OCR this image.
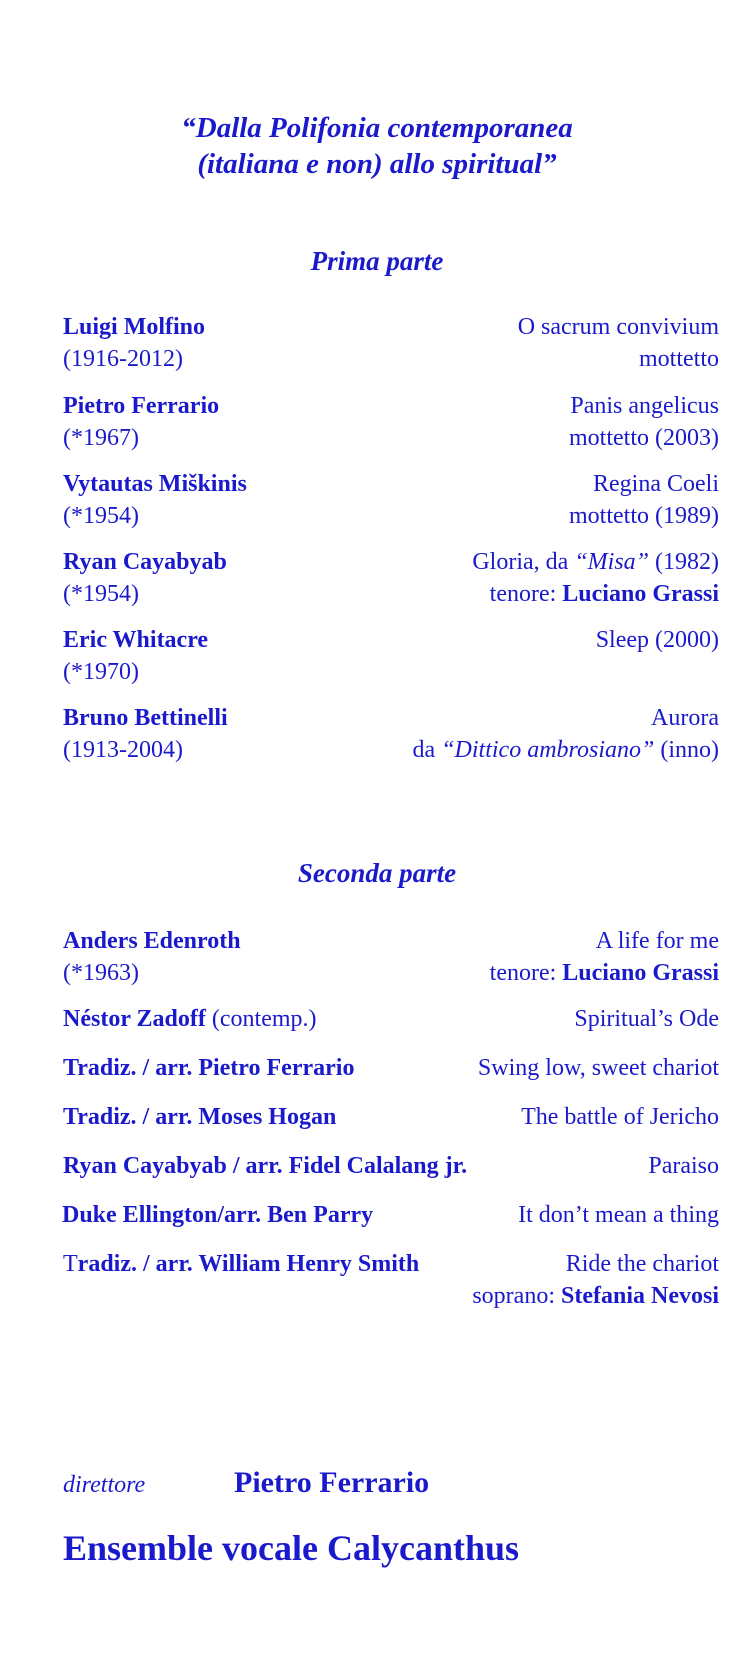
“Dalla Polifonia contemporanea
(italiana e non) allo spiritual”
Prima parte
Luigi Molfino	O sacrum convivium
(1916-2012)	mottetto
Pietro Ferrario	Panis angelicus
(*1967)	mottetto (2003)
Vytautas Miškinis	Regina Coeli
(*1954)	mottetto (1989)
Ryan Cayabyab	Gloria, da “Misa” (1982)
(*1954)	tenore: Luciano Grassi
Eric Whitacre	Sleep (2000)
(*1970)
Bruno Bettinelli	Aurora
(1913-2004)	da “Dittico ambrosiano” (inno)
Seconda parte
Anders Edenroth	A life for me
(*1963)	tenore: Luciano Grassi
Néstor Zadoff (contemp.)	Spiritual’s Ode
Tradiz. / arr. Pietro Ferrario	Swing low, sweet chariot
Tradiz. / arr. Moses Hogan	The battle of Jericho
Ryan Cayabyab / arr. Fidel Calalang jr.	Paraiso
Duke Ellington/arr. Ben Parry	It don’t mean a thing
Tradiz. / arr. William Henry Smith	Ride the chariot
soprano: Stefania Nevosi
direttore	Pietro Ferrario
Ensemble vocale Calycanthus
